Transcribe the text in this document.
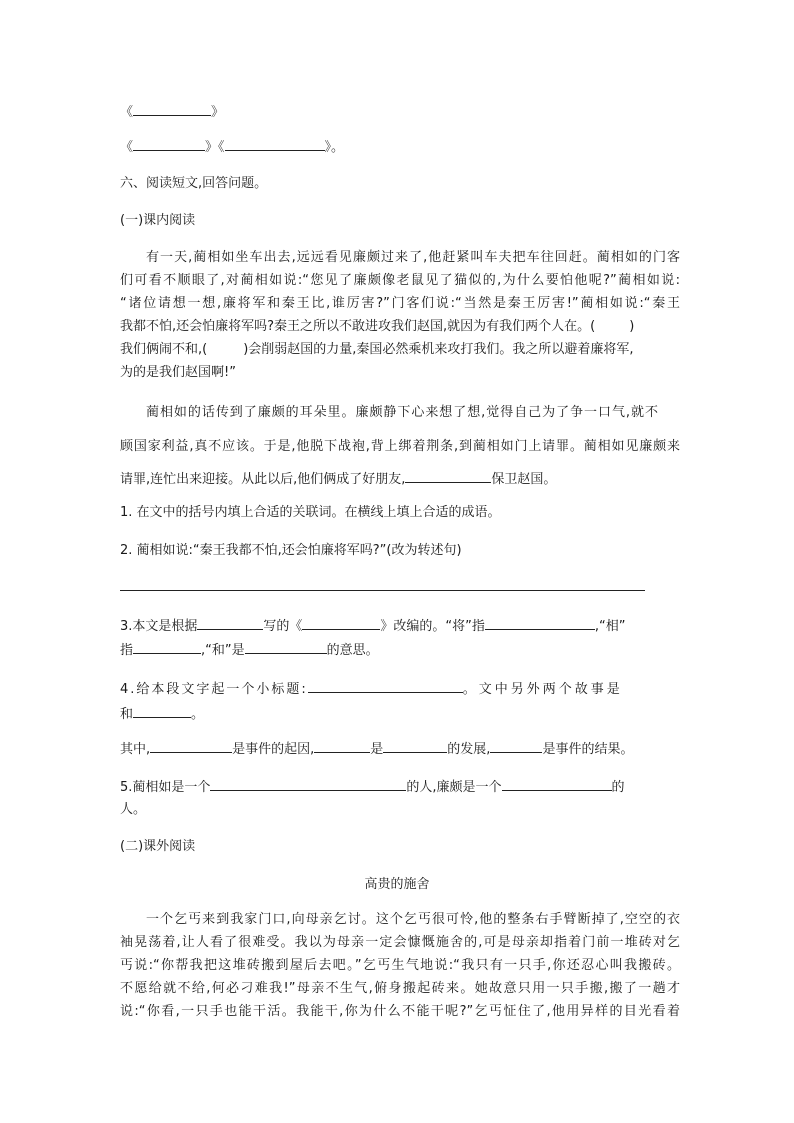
《	》
《	》《	》。
六、阅读短文,回答问题。
(一)课内阅读
有一天,蔺相如坐车出去,远远看见廉颇过来了,他赶紧叫车夫把车往回赶。蔺相如的门客
们可看不顺眼了,对蔺相如说:“您见了廉颇像老鼠见了猫似的,为什么要怕他呢?”蔺相如说:
“诸位请想一想,廉将军和秦王比,谁厉害?”门客们说:“当然是秦王厉害!”蔺相如说:“秦王
我都不怕,还会怕廉将军吗?秦王之所以不敢进攻我们赵国,就因为有我们两个人在。(	)
我们俩闹不和,(	)会削弱赵国的力量,秦国必然乘机来攻打我们。我之所以避着廉将军,
为的是我们赵国啊!”
蔺相如的话传到了廉颇的耳朵里。廉颇静下心来想了想,觉得自己为了争一口气,就不
顾国家利益,真不应该。于是,他脱下战袍,背上绑着荆条,到蔺相如门上请罪。蔺相如见廉颇来
请罪,连忙出来迎接。从此以后,他们俩成了好朋友,	保卫赵国。
1. 在文中的括号内填上合适的关联词。在横线上填上合适的成语。
2. 蔺相如说:“秦王我都不怕,还会怕廉将军吗?”(改为转述句)
3.本文是根据	写的《	》改编的。“将”指	,“相”
指	,“和”是	的意思。
4.给本段文字起一个小标题:	。文中另外两个故事是
和	。
其中,	是事件的起因,	是	的发展,	是事件的结果。
5.蔺相如是一个	的人,廉颇是一个	的
人。
(二)课外阅读
高贵的施舍
一个乞丐来到我家门口,向母亲乞讨。这个乞丐很可怜,他的整条右手臂断掉了,空空的衣
袖晃荡着,让人看了很难受。我以为母亲一定会慷慨施舍的,可是母亲却指着门前一堆砖对乞
丐说:“你帮我把这堆砖搬到屋后去吧。”乞丐生气地说:“我只有一只手,你还忍心叫我搬砖。
不愿给就不给,何必刁难我!”母亲不生气,俯身搬起砖来。她故意只用一只手搬,搬了一趟才
说:“你看,一只手也能干活。我能干,你为什么不能干呢?”乞丐怔住了,他用异样的目光看着
